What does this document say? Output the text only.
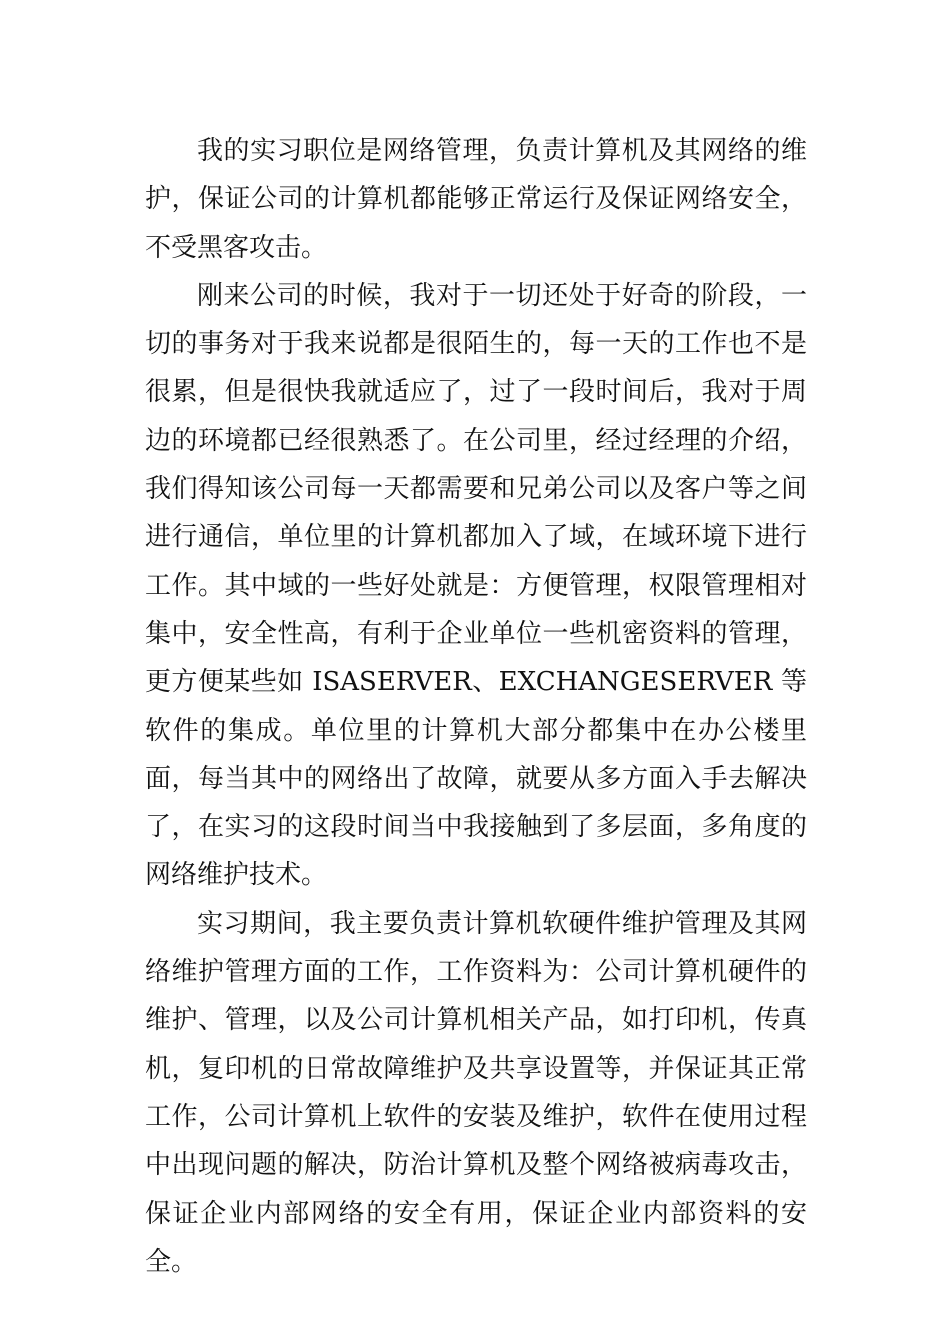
我的实习职位是网络管理，负责计算机及其网络的维护，保证公司的计算机都能够正常运行及保证网络安全，不受黑客攻击。

刚来公司的时候，我对于一切还处于好奇的阶段，一切的事务对于我来说都是很陌生的，每一天的工作也不是很累，但是很快我就适应了，过了一段时间后，我对于周边的环境都已经很熟悉了。在公司里，经过经理的介绍，我们得知该公司每一天都需要和兄弟公司以及客户等之间进行通信，单位里的计算机都加入了域，在域环境下进行工作。其中域的一些好处就是：方便管理，权限管理相对集中，安全性高，有利于企业单位一些机密资料的管理，更方便某些如 ISASERVER、EXCHANGESERVER 等软件的集成。单位里的计算机大部分都集中在办公楼里面，每当其中的网络出了故障，就要从多方面入手去解决了，在实习的这段时间当中我接触到了多层面，多角度的网络维护技术。

实习期间，我主要负责计算机软硬件维护管理及其网络维护管理方面的工作，工作资料为：公司计算机硬件的维护、管理，以及公司计算机相关产品，如打印机，传真机，复印机的日常故障维护及共享设置等，并保证其正常工作，公司计算机上软件的安装及维护，软件在使用过程中出现问题的解决，防治计算机及整个网络被病毒攻击，保证企业内部网络的安全有用，保证企业内部资料的安全。
